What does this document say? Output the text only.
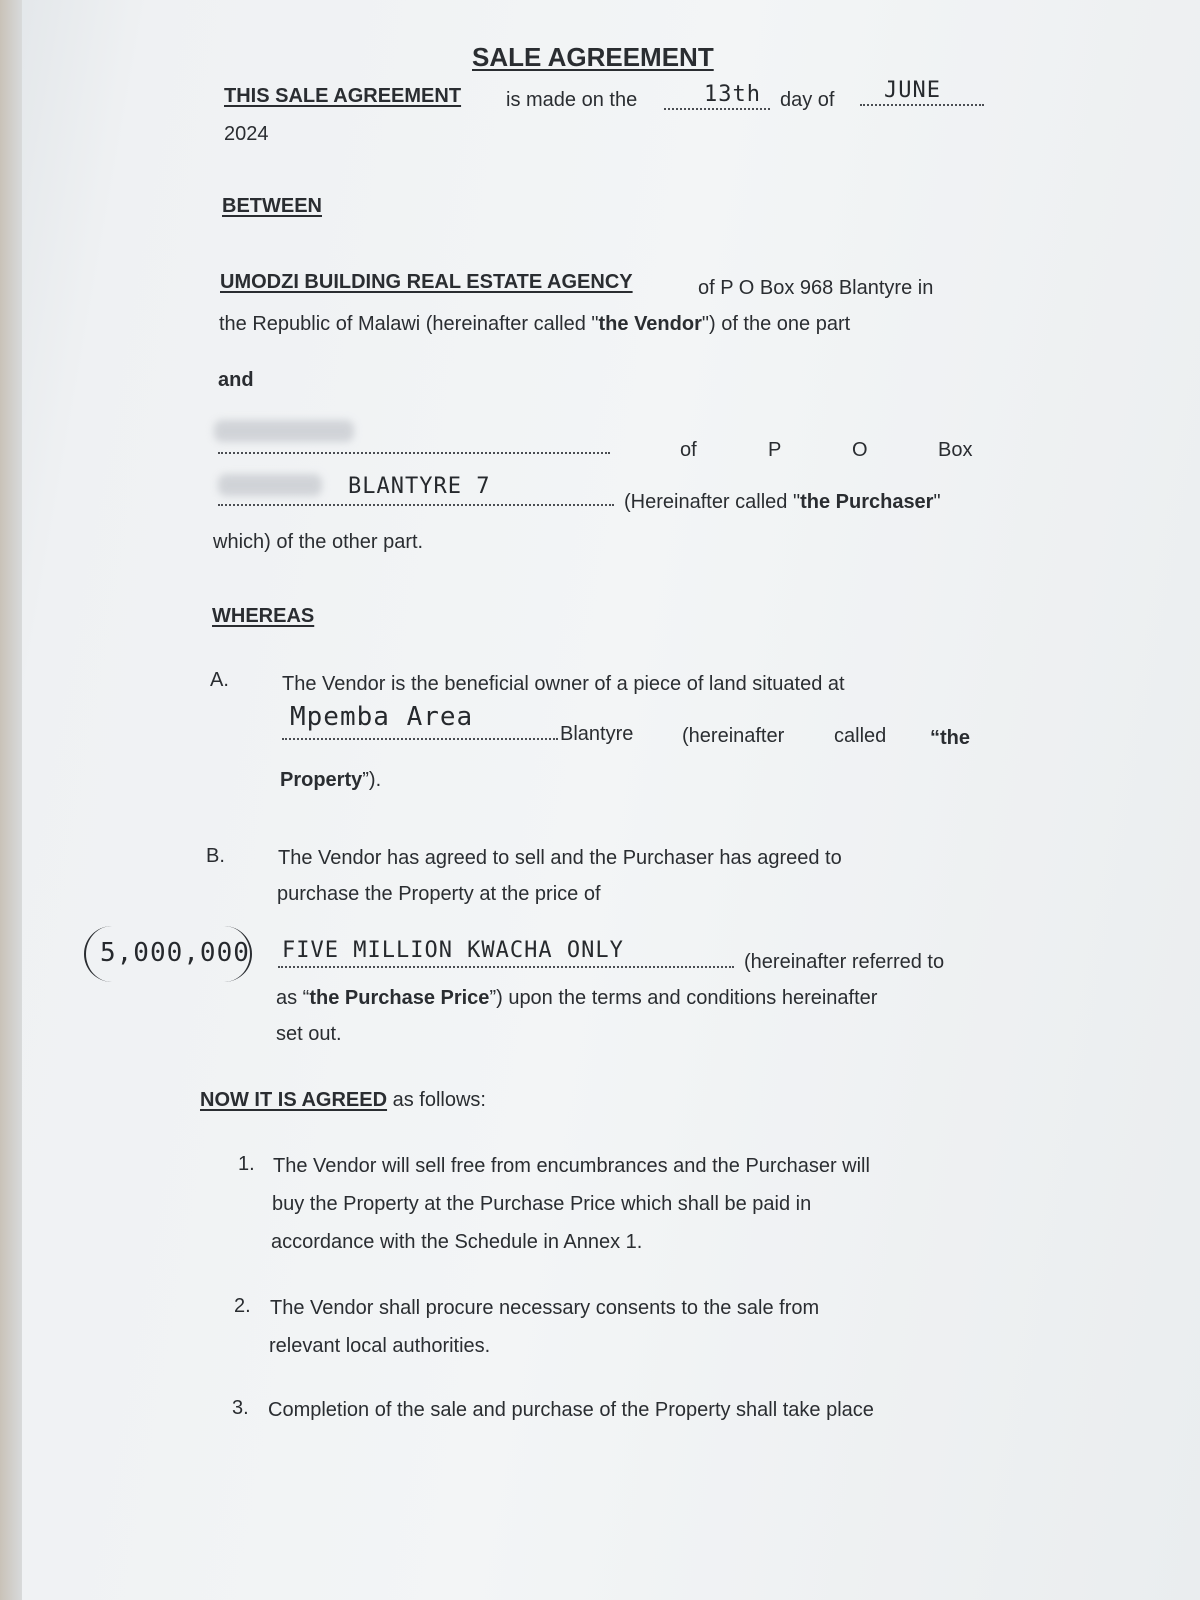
SALE AGREEMENT
THIS SALE AGREEMENT is made on the	13th day of JUNE
2024
BETWEEN
UMODZI BUILDING REAL ESTATE AGENCY	of P O Box 968 Blantyre in
the Republic of Malawi (hereinafter called "the Vendor") of the one part
and
of	P	O	Box
BLANTYRE 7
(Hereinafter called "the Purchaser"
which) of the other part.
WHEREAS
A.	The Vendor is the beneficial owner of a piece of land situated at
Mpemba Area
Blantyre (hereinafter called “the
Property”).
B.	The Vendor has agreed to sell and the Purchaser has agreed to
purchase the Property at the price of
5,000,000 FIVE MILLION KWACHA ONLY	(hereinafter referred to
as “the Purchase Price”) upon the terms and conditions hereinafter
set out.
NOW IT IS AGREED as follows:
1. The Vendor will sell free from encumbrances and the Purchaser will
buy the Property at the Purchase Price which shall be paid in
accordance with the Schedule in Annex 1.
2. The Vendor shall procure necessary consents to the sale from
relevant local authorities.
3. Completion of the sale and purchase of the Property shall take place
